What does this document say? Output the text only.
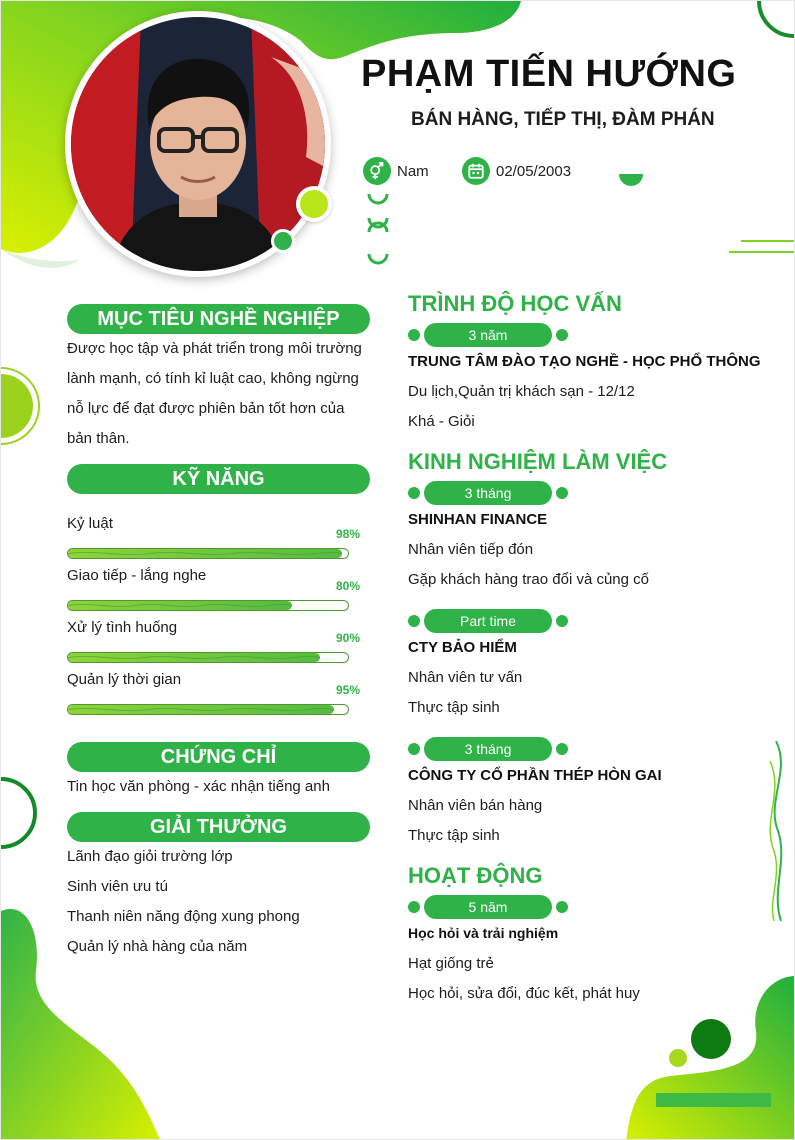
PHẠM TIẾN HƯỚNG
BÁN HÀNG, TIẾP THỊ, ĐÀM PHÁN
Nam	02/05/2003
MỤC TIÊU NGHỀ NGHIỆP
Được học tập và phát triển trong môi trường lành mạnh, có tính kỉ luật cao, không ngừng nỗ lực để đạt được phiên bản tốt hơn của bản thân.
KỸ NĂNG
Kỷ luật
98%
Giao tiếp - lắng nghe
80%
Xử lý tình huống
90%
Quản lý thời gian
95%
CHỨNG CHỈ
Tin học văn phòng - xác nhận tiếng anh
GIẢI THƯỞNG
Lãnh đạo giỏi trường lớp
Sinh viên ưu tú
Thanh niên năng động xung phong
Quản lý nhà hàng của năm
TRÌNH ĐỘ HỌC VẤN
3 năm
TRUNG TÂM ĐÀO TẠO NGHỀ - HỌC PHỔ THÔNG
Du lịch,Quản trị khách sạn - 12/12
Khá - Giỏi
KINH NGHIỆM LÀM VIỆC
3 tháng
SHINHAN FINANCE
Nhân viên tiếp đón
Gặp khách hàng trao đổi và củng cố
Part time
CTY BẢO HIỂM
Nhân viên tư vấn
Thực tập sinh
3 tháng
CÔNG TY CỔ PHẦN THÉP HÒN GAI
Nhân viên bán hàng
Thực tập sinh
HOẠT ĐỘNG
5 năm
Học hỏi và trải nghiệm
Hạt giống trẻ
Học hỏi, sửa đổi, đúc kết, phát huy
